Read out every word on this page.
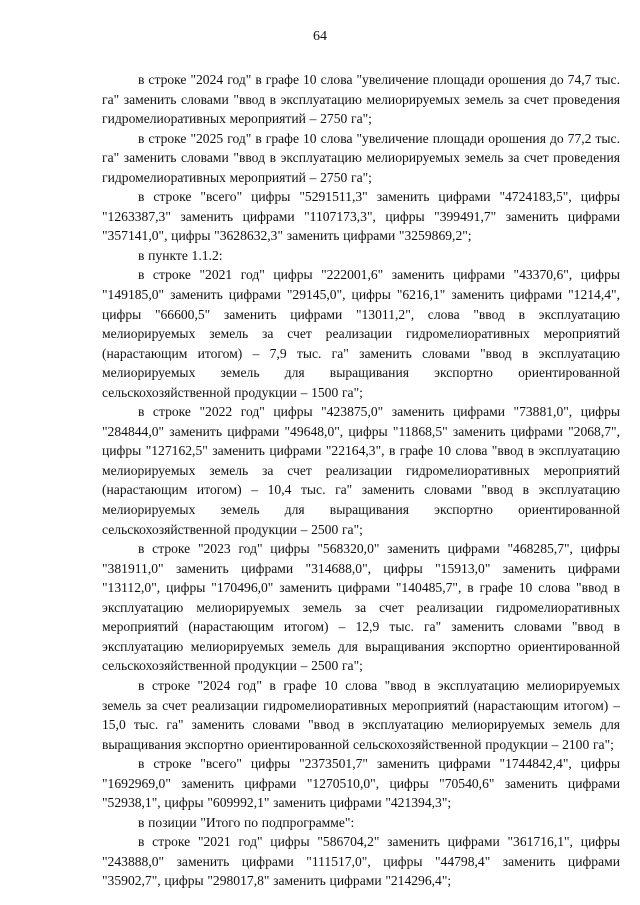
64

в строке "2024 год" в графе 10 слова "увеличение площади орошения до 74,7 тыс. га" заменить словами "ввод в эксплуатацию мелиорируемых земель за счет проведения гидромелиоративных мероприятий – 2750 га";

в строке "2025 год" в графе 10 слова "увеличение площади орошения до 77,2 тыс. га" заменить словами "ввод в эксплуатацию мелиорируемых земель за счет проведения гидромелиоративных мероприятий – 2750 га";

в строке "всего" цифры "5291511,3" заменить цифрами "4724183,5", цифры "1263387,3" заменить цифрами "1107173,3", цифры "399491,7" заменить цифрами "357141,0", цифры "3628632,3" заменить цифрами "3259869,2";

в пункте 1.1.2:

в строке "2021 год" цифры "222001,6" заменить цифрами "43370,6", цифры "149185,0" заменить цифрами "29145,0", цифры "6216,1" заменить цифрами "1214,4", цифры "66600,5" заменить цифрами "13011,2", слова "ввод в эксплуатацию мелиорируемых земель за счет реализации гидромелиоративных мероприятий (нарастающим итогом) – 7,9 тыс. га" заменить словами "ввод в эксплуатацию мелиорируемых земель для выращивания экспортно ориентированной сельскохозяйственной продукции – 1500 га";

в строке "2022 год" цифры "423875,0" заменить цифрами "73881,0", цифры "284844,0" заменить цифрами "49648,0", цифры "11868,5" заменить цифрами "2068,7", цифры "127162,5" заменить цифрами "22164,3", в графе 10 слова "ввод в эксплуатацию мелиорируемых земель за счет реализации гидромелиоративных мероприятий (нарастающим итогом) – 10,4 тыс. га" заменить словами "ввод в эксплуатацию мелиорируемых земель для выращивания экспортно ориентированной сельскохозяйственной продукции – 2500 га";

в строке "2023 год" цифры "568320,0" заменить цифрами "468285,7", цифры "381911,0" заменить цифрами "314688,0", цифры "15913,0" заменить цифрами "13112,0", цифры "170496,0" заменить цифрами "140485,7", в графе 10 слова "ввод в эксплуатацию мелиорируемых земель за счет реализации гидромелиоративных мероприятий (нарастающим итогом) – 12,9 тыс. га" заменить словами "ввод в эксплуатацию мелиорируемых земель для выращивания экспортно ориентированной сельскохозяйственной продукции – 2500 га";

в строке "2024 год" в графе 10 слова "ввод в эксплуатацию мелиорируемых земель за счет реализации гидромелиоративных мероприятий (нарастающим итогом) – 15,0 тыс. га" заменить словами "ввод в эксплуатацию мелиорируемых земель для выращивания экспортно ориентированной сельскохозяйственной продукции – 2100 га";

в строке "всего" цифры "2373501,7" заменить цифрами "1744842,4", цифры "1692969,0" заменить цифрами "1270510,0", цифры "70540,6" заменить цифрами "52938,1", цифры "609992,1" заменить цифрами "421394,3";

в позиции "Итого по подпрограмме":

в строке "2021 год" цифры "586704,2" заменить цифрами "361716,1", цифры "243888,0" заменить цифрами "111517,0", цифры "44798,4" заменить цифрами "35902,7", цифры "298017,8" заменить цифрами "214296,4";
